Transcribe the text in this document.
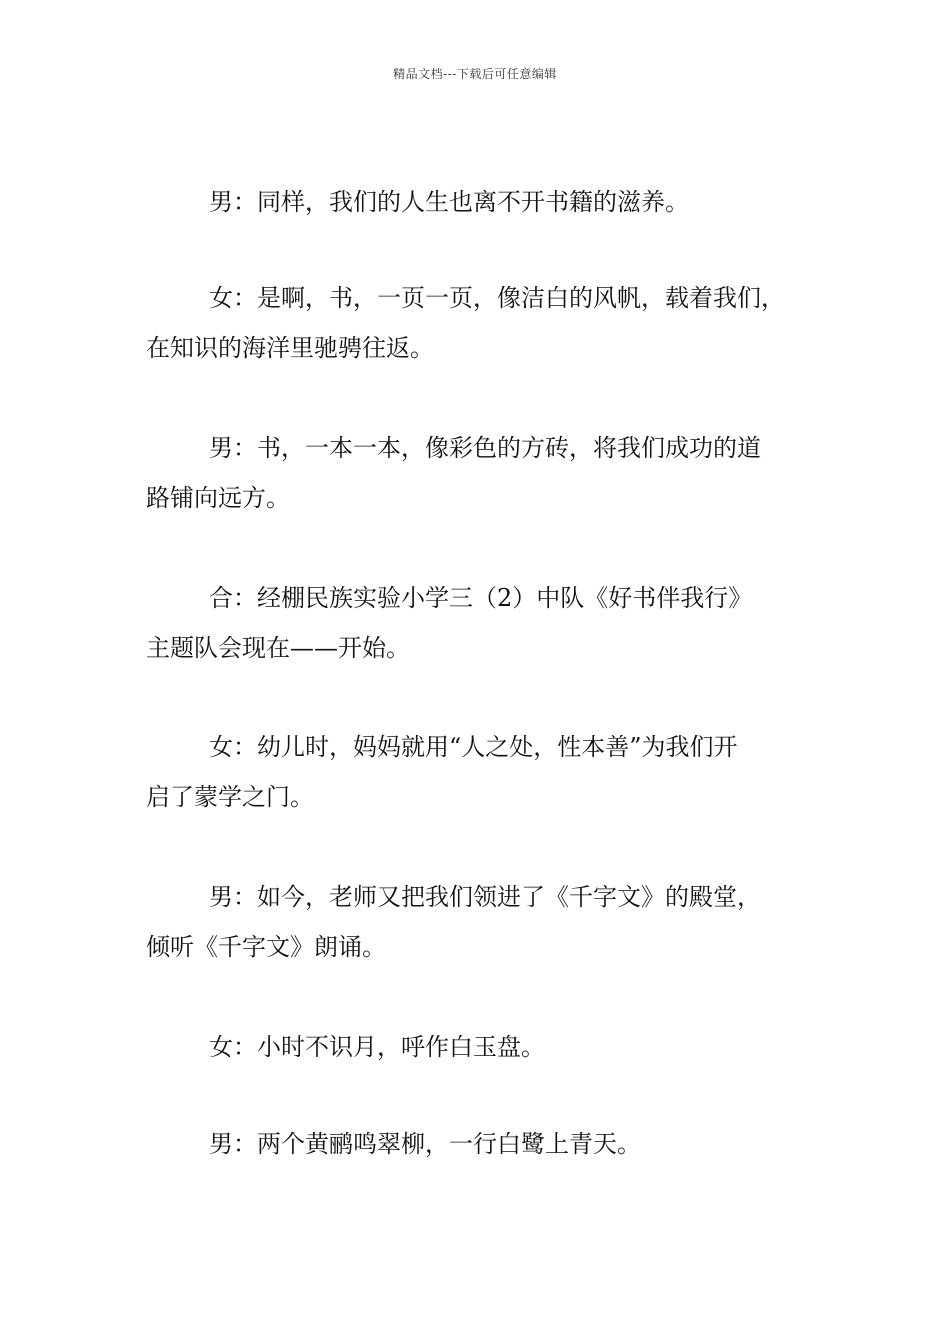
精品文档---下载后可任意编辑
男：同样，我们的人生也离不开书籍的滋养。
女：是啊，书，一页一页，像洁白的风帆，载着我们，
在知识的海洋里驰骋往返。
男：书，一本一本，像彩色的方砖，将我们成功的道
路铺向远方。
合：经棚民族实验小学三（2）中队《好书伴我行》
主题队会现在——开始。
女：幼儿时，妈妈就用“人之处，性本善”为我们开
启了蒙学之门。
男：如今，老师又把我们领进了《千字文》的殿堂，
倾听《千字文》朗诵。
女：小时不识月，呼作白玉盘。
男：两个黄鹂鸣翠柳，一行白鹭上青天。
